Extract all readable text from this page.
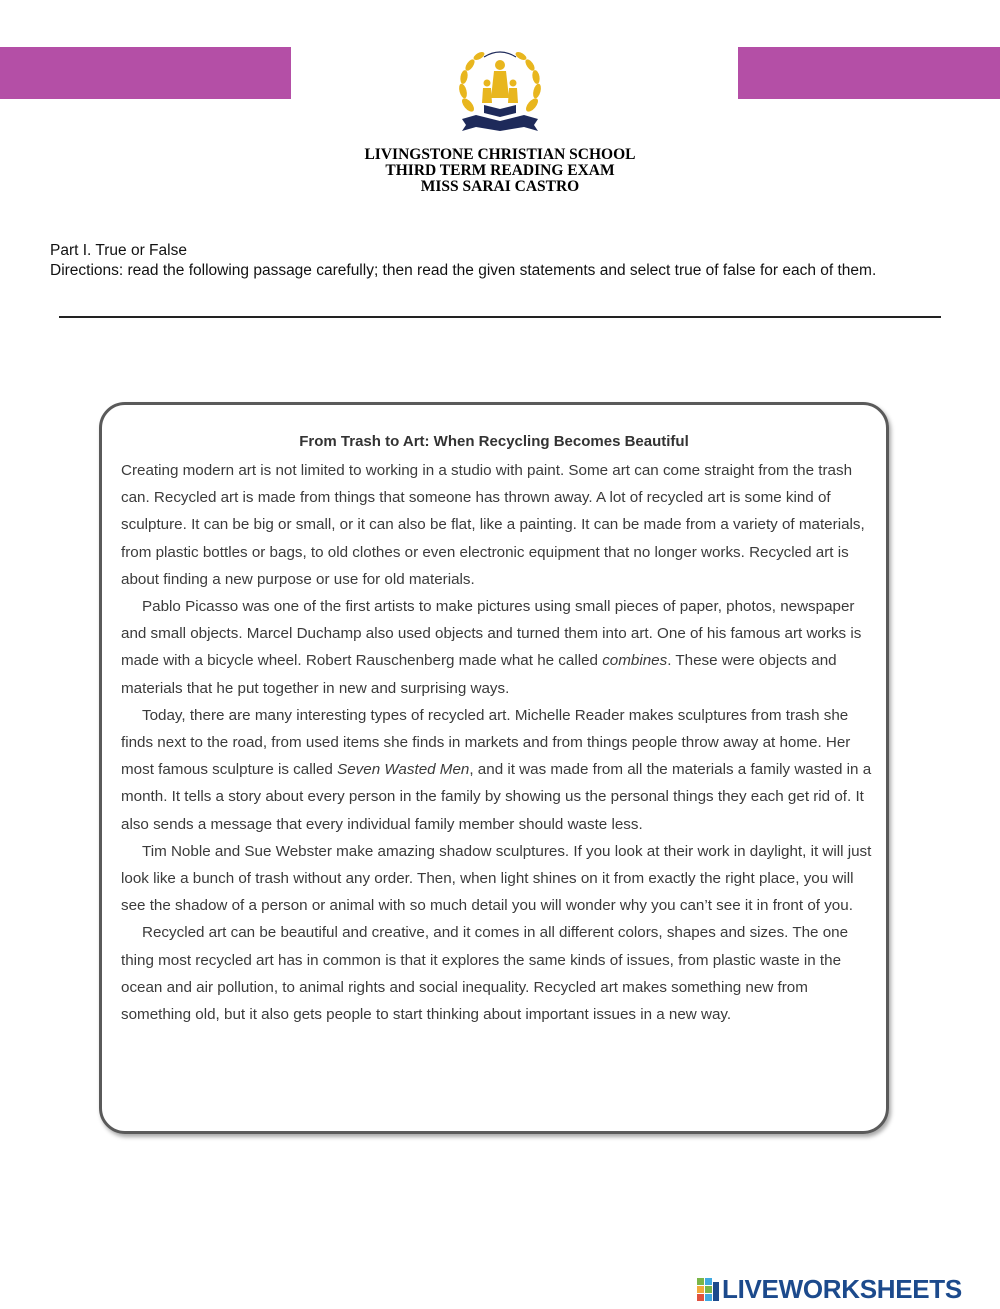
LIVINGSTONE CHRISTIAN SCHOOL
THIRD TERM READING EXAM
MISS SARAI CASTRO
Part I. True or False
Directions: read the following passage carefully; then read the given statements and select true of false for each of them.
From Trash to Art: When Recycling Becomes Beautiful

Creating modern art is not limited to working in a studio with paint. Some art can come straight from the trash can. Recycled art is made from things that someone has thrown away. A lot of recycled art is some kind of sculpture. It can be big or small, or it can also be flat, like a painting. It can be made from a variety of materials, from plastic bottles or bags, to old clothes or even electronic equipment that no longer works. Recycled art is about finding a new purpose or use for old materials.

Pablo Picasso was one of the first artists to make pictures using small pieces of paper, photos, newspaper and small objects. Marcel Duchamp also used objects and turned them into art. One of his famous art works is made with a bicycle wheel. Robert Rauschenberg made what he called combines. These were objects and materials that he put together in new and surprising ways.

Today, there are many interesting types of recycled art. Michelle Reader makes sculptures from trash she finds next to the road, from used items she finds in markets and from things people throw away at home. Her most famous sculpture is called Seven Wasted Men, and it was made from all the materials a family wasted in a month. It tells a story about every person in the family by showing us the personal things they each get rid of. It also sends a message that every individual family member should waste less.

Tim Noble and Sue Webster make amazing shadow sculptures. If you look at their work in daylight, it will just look like a bunch of trash without any order. Then, when light shines on it from exactly the right place, you will see the shadow of a person or animal with so much detail you will wonder why you can’t see it in front of you.

Recycled art can be beautiful and creative, and it comes in all different colors, shapes and sizes. The one thing most recycled art has in common is that it explores the same kinds of issues, from plastic waste in the ocean and air pollution, to animal rights and social inequality. Recycled art makes something new from something old, but it also gets people to start thinking about important issues in a new way.

LIVEWORKSHEETS
